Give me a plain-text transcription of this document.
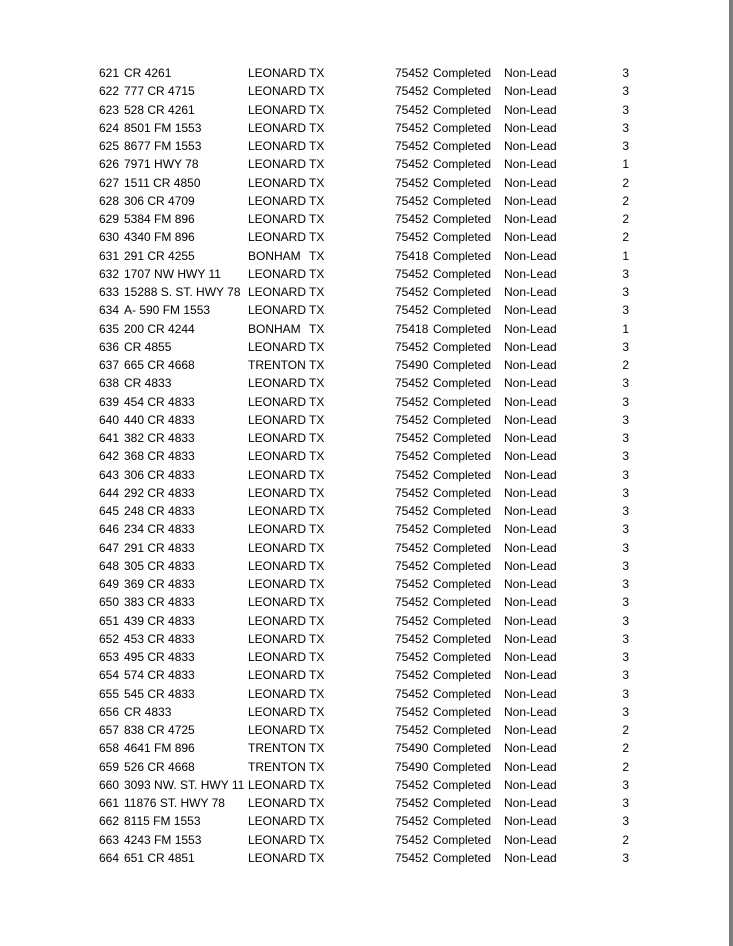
621 CR 4261	LEONARD TX	75452 Completed Non-Lead	3
622 777 CR 4715	LEONARD TX	75452 Completed Non-Lead	3
623 528 CR 4261	LEONARD TX	75452 Completed Non-Lead	3
624 8501 FM 1553	LEONARD TX	75452 Completed Non-Lead	3
625 8677 FM 1553	LEONARD TX	75452 Completed Non-Lead	3
626 7971 HWY 78	LEONARD TX	75452 Completed Non-Lead	1
627 1511 CR 4850	LEONARD TX	75452 Completed Non-Lead	2
628 306 CR 4709	LEONARD TX	75452 Completed Non-Lead	2
629 5384 FM 896	LEONARD TX	75452 Completed Non-Lead	2
630 4340 FM 896	LEONARD TX	75452 Completed Non-Lead	2
631 291 CR 4255	BONHAM TX	75418 Completed Non-Lead	1
632 1707 NW HWY 11 LEONARD TX	75452 Completed Non-Lead	3
633 15288 S. ST. HWY 78 LEONARD TX	75452 Completed Non-Lead	3
634 A- 590 FM 1553	LEONARD TX	75452 Completed Non-Lead	3
635 200 CR 4244	BONHAM TX	75418 Completed Non-Lead	1
636 CR 4855	LEONARD TX	75452 Completed Non-Lead	3
637 665 CR 4668	TRENTON TX	75490 Completed Non-Lead	2
638 CR 4833	LEONARD TX	75452 Completed Non-Lead	3
639 454 CR 4833	LEONARD TX	75452 Completed Non-Lead	3
640 440 CR 4833	LEONARD TX	75452 Completed Non-Lead	3
641 382 CR 4833	LEONARD TX	75452 Completed Non-Lead	3
642 368 CR 4833	LEONARD TX	75452 Completed Non-Lead	3
643 306 CR 4833	LEONARD TX	75452 Completed Non-Lead	3
644 292 CR 4833	LEONARD TX	75452 Completed Non-Lead	3
645 248 CR 4833	LEONARD TX	75452 Completed Non-Lead	3
646 234 CR 4833	LEONARD TX	75452 Completed Non-Lead	3
647 291 CR 4833	LEONARD TX	75452 Completed Non-Lead	3
648 305 CR 4833	LEONARD TX	75452 Completed Non-Lead	3
649 369 CR 4833	LEONARD TX	75452 Completed Non-Lead	3
650 383 CR 4833	LEONARD TX	75452 Completed Non-Lead	3
651 439 CR 4833	LEONARD TX	75452 Completed Non-Lead	3
652 453 CR 4833	LEONARD TX	75452 Completed Non-Lead	3
653 495 CR 4833	LEONARD TX	75452 Completed Non-Lead	3
654 574 CR 4833	LEONARD TX	75452 Completed Non-Lead	3
655 545 CR 4833	LEONARD TX	75452 Completed Non-Lead	3
656 CR 4833	LEONARD TX	75452 Completed Non-Lead	3
657 838 CR 4725	LEONARD TX	75452 Completed Non-Lead	2
658 4641 FM 896	TRENTON TX	75490 Completed Non-Lead	2
659 526 CR 4668	TRENTON TX	75490 Completed Non-Lead	2
660 3093 NW. ST. HWY 11 LEONARD TX	75452 Completed Non-Lead	3
661 11876 ST. HWY 78 LEONARD TX	75452 Completed Non-Lead	3
662 8115 FM 1553	LEONARD TX	75452 Completed Non-Lead	3
663 4243 FM 1553	LEONARD TX	75452 Completed Non-Lead	2
664 651 CR 4851	LEONARD TX	75452 Completed Non-Lead	3
